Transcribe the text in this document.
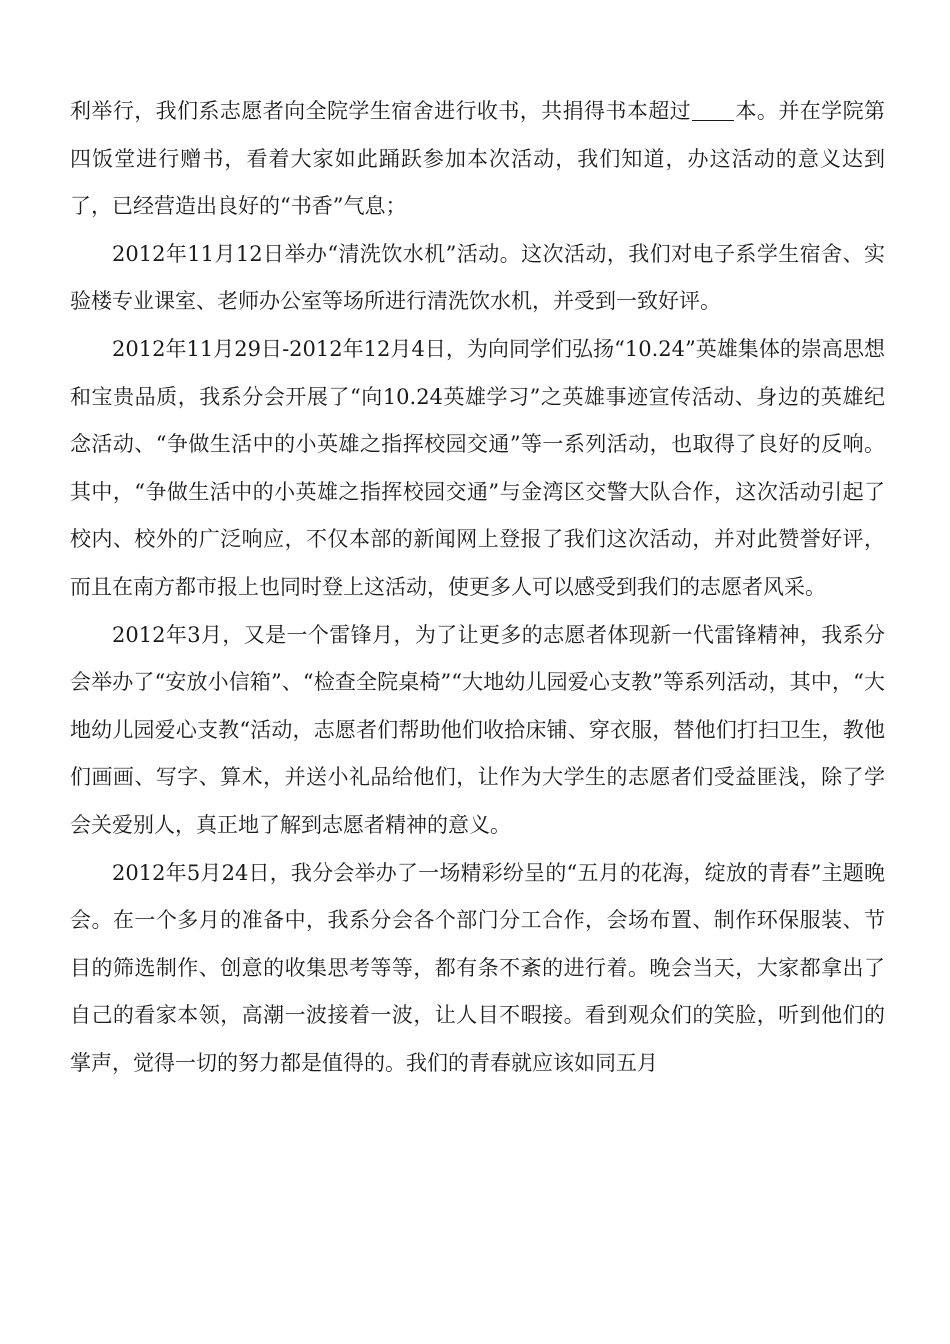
利举行，我们系志愿者向全院学生宿舍进行收书，共捐得书本超过 本。并在学院第四饭堂进行赠书，看着大家如此踊跃参加本次活动，我们知道，办这活动的意义达到了，已经营造出良好的“书香”气息；

2012年11月12日举办“清洗饮水机”活动。这次活动，我们对电子系学生宿舍、实验楼专业课室、老师办公室等场所进行清洗饮水机，并受到一致好评。

2012年11月29日-2012年12月4日，为向同学们弘扬“10.24”英雄集体的崇高思想和宝贵品质，我系分会开展了“向10.24英雄学习”之英雄事迹宣传活动、身边的英雄纪念活动、“争做生活中的小英雄之指挥校园交通”等一系列活动，也取得了良好的反响。其中，“争做生活中的小英雄之指挥校园交通”与金湾区交警大队合作，这次活动引起了校内、校外的广泛响应，不仅本部的新闻网上登报了我们这次活动，并对此赞誉好评，而且在南方都市报上也同时登上这活动，使更多人可以感受到我们的志愿者风采。

2012年3月，又是一个雷锋月，为了让更多的志愿者体现新一代雷锋精神，我系分会举办了“安放小信箱”、“检查全院桌椅”“大地幼儿园爱心支教”等系列活动，其中，“大地幼儿园爱心支教“活动，志愿者们帮助他们收拾床铺、穿衣服，替他们打扫卫生，教他们画画、写字、算术，并送小礼品给他们，让作为大学生的志愿者们受益匪浅，除了学会关爱别人，真正地了解到志愿者精神的意义。

2012年5月24日，我分会举办了一场精彩纷呈的“五月的花海，绽放的青春”主题晚会。在一个多月的准备中，我系分会各个部门分工合作，会场布置、制作环保服装、节目的筛选制作、创意的收集思考等等，都有条不紊的进行着。晚会当天，大家都拿出了自己的看家本领，高潮一波接着一波，让人目不暇接。看到观众们的笑脸，听到他们的掌声，觉得一切的努力都是值得的。我们的青春就应该如同五月
